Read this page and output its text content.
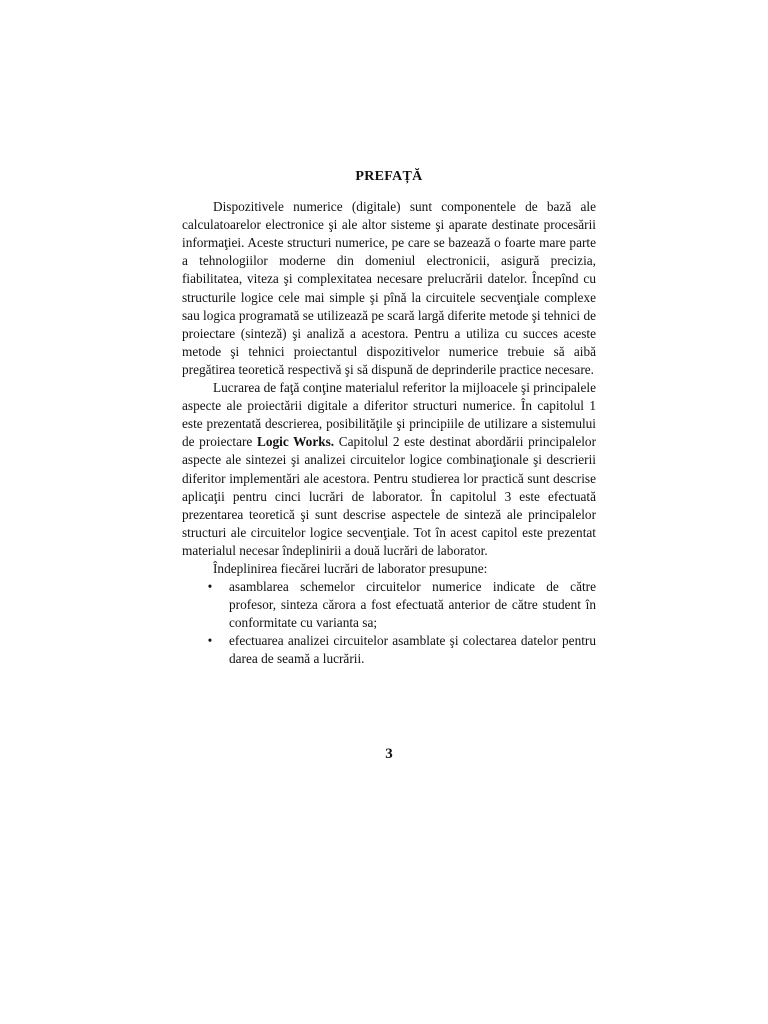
PREFAȚĂ

Dispozitivele numerice (digitale) sunt componentele de bază ale calculatoarelor electronice şi ale altor sisteme şi aparate destinate procesării informaţiei. Aceste structuri numerice, pe care se bazează o foarte mare parte a tehnologiilor moderne din domeniul electronicii, asigură precizia, fiabilitatea, viteza şi complexitatea necesare prelucrării datelor. Începînd cu structurile logice cele mai simple şi pînă la circuitele secvenţiale complexe sau logica programată se utilizează pe scară largă diferite metode şi tehnici de proiectare (sinteză) şi analiză a acestora. Pentru a utiliza cu succes aceste metode şi tehnici proiectantul dispozitivelor numerice trebuie să aibă pregătirea teoretică respectivă şi să dispună de deprinderile practice necesare.

Lucrarea de faţă conţine materialul referitor la mijloacele şi principalele aspecte ale proiectării digitale a diferitor structuri numerice. În capitolul 1 este prezentată descrierea, posibilităţile şi principiile de utilizare a sistemului de proiectare Logic Works. Capitolul 2 este destinat abordării principalelor aspecte ale sintezei şi analizei circuitelor logice combinaţionale şi descrierii diferitor implementări ale acestora. Pentru studierea lor practică sunt descrise aplicaţii pentru cinci lucrări de laborator. În capitolul 3 este efectuată prezentarea teoretică şi sunt descrise aspectele de sinteză ale principalelor structuri ale circuitelor logice secvenţiale. Tot în acest capitol este prezentat materialul necesar îndeplinirii a două lucrări de laborator.

Îndeplinirea fiecărei lucrări de laborator presupune:

• asamblarea schemelor circuitelor numerice indicate de către profesor, sinteza cărora a fost efectuată anterior de către student în conformitate cu varianta sa;
• efectuarea analizei circuitelor asamblate şi colectarea datelor pentru darea de seamă a lucrării.
3
